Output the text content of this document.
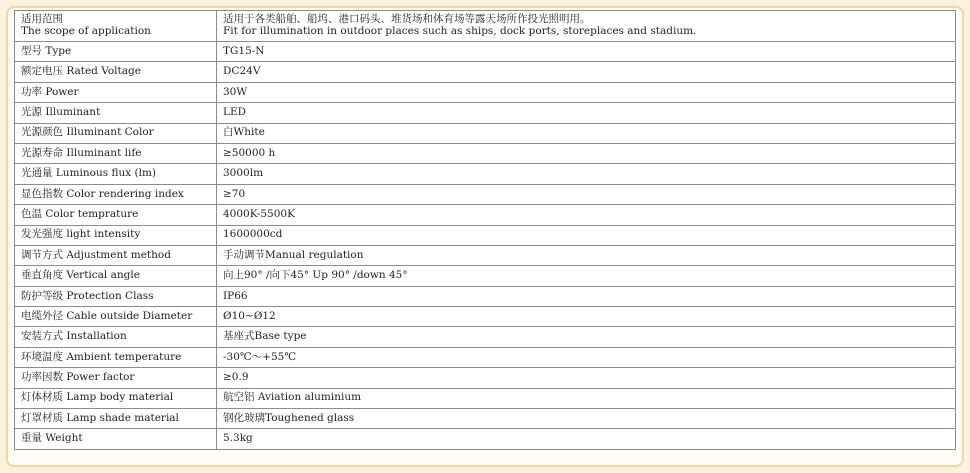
适用范围
The scope of application	适用于各类船舶、船坞、港口码头、堆货场和体育场等露天场所作投光照明用。
Fit for illumination in outdoor places such as ships, dock ports, storeplaces and stadium.

型号 Type	TG15-N
额定电压 Rated Voltage	DC24V
功率 Power	30W
光源 Illuminant	LED
光源颜色 Illuminant Color	白White
光源寿命 Illuminant life	≥50000 h
光通量 Luminous flux (lm)	3000lm
显色指数 Color rendering index	≥70
色温 Color temprature	4000K-5500K
发光强度 light intensity	1600000cd
调节方式 Adjustment method	手动调节Manual regulation
垂直角度 Vertical angle	向上90° /向下45° Up 90° /down 45°
防护等级 Protection Class	IP66
电缆外径 Cable outside Diameter	Ø10~Ø12
安装方式 Installation	基座式Base type
环境温度 Ambient temperature	-30℃～+55℃
功率因数 Power factor	≥0.9
灯体材质 Lamp body material	航空铝 Aviation aluminium
灯罩材质 Lamp shade material	钢化玻璃Toughened glass
重量 Weight	5.3kg
